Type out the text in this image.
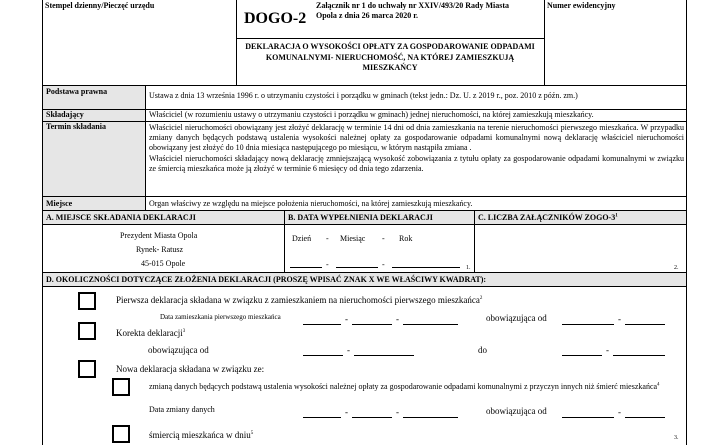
Stempel dzienny/Pieczęć urzędu
DOGO-2
Załącznik nr 1 do uchwały nr XXIV/493/20 Rady Miasta Opola z dnia 26 marca 2020 r.
Numer ewidencyjny
DEKLARACJA O WYSOKOŚCI OPŁATY ZA GOSPODAROWANIE ODPADAMI KOMUNALNYMI- NIERUCHOMOŚĆ, NA KTÓREJ ZAMIESZKUJĄ MIESZKAŃCY
Podstawa prawna	Ustawa z dnia 13 września 1996 r. o utrzymaniu czystości i porządku w gminach (tekst jedn.: Dz. U. z 2019 r., poz. 2010 z późn. zm.)
Składający	Właściciel (w rozumieniu ustawy o utrzymaniu czystości i porządku w gminach) jednej nieruchomości, na której zamieszkują mieszkańcy.
Termin składania	Właściciel nieruchomości obowiązany jest złożyć deklarację w terminie 14 dni od dnia zamieszkania na terenie nieruchomości pierwszego mieszkańca. W przypadku zmiany danych będących podstawą ustalenia wysokości należnej opłaty za gospodarowanie odpadami komunalnymi nową deklarację właściciel nieruchomości obowiązany jest złożyć do 10 dnia miesiąca następującego po miesiącu, w którym nastąpiła zmiana .
Właściciel nieruchomości składający nową deklarację zmniejszającą wysokość zobowiązania z tytułu opłaty za gospodarowanie odpadami komunalnymi w związku ze śmiercią mieszkańca może ją złożyć w terminie 6 miesięcy od dnia tego zdarzenia.
Miejsce	Organ właściwy ze względu na miejsce położenia nieruchomości, na której zamieszkują mieszkańcy.
A. MIEJSCE SKŁADANIA DEKLARACJI	B. DATA WYPEŁNIENIA DEKLARACJI	C. LICZBA ZAŁĄCZNIKÓW ZOGO-$3^1$
Prezydent Miasta Opola
Rynek- Ratusz
45-015 Opole
Dzień - Miesiąc - Rok
1.
-	-	2.
D. OKOLICZNOŚCI DOTYCZĄCE ZŁOŻENIA DEKLARACJI (PROSZĘ WPISAĆ ZNAK X WE WŁAŚCIWY KWADRAT):
Pierwsza deklaracja składana w związku z zamieszkaniem na nieruchomości pierwszego mieszkańca$^2$
Data zamieszkania pierwszego mieszkańca	-	-	obowiązująca od	-
Korekta deklaracji$^3$
obowiązująca od	-	do	-
Nowa deklaracja składana w związku ze:
zmianą danych będących podstawą ustalenia wysokości należnej opłaty za gospodarowanie odpadami komunalnymi z przyczyn innych niż śmierć mieszkańca$^4$
Data zmiany danych	-	-	obowiązująca od	-
śmiercią mieszkańca w dniu$^5$
3.
